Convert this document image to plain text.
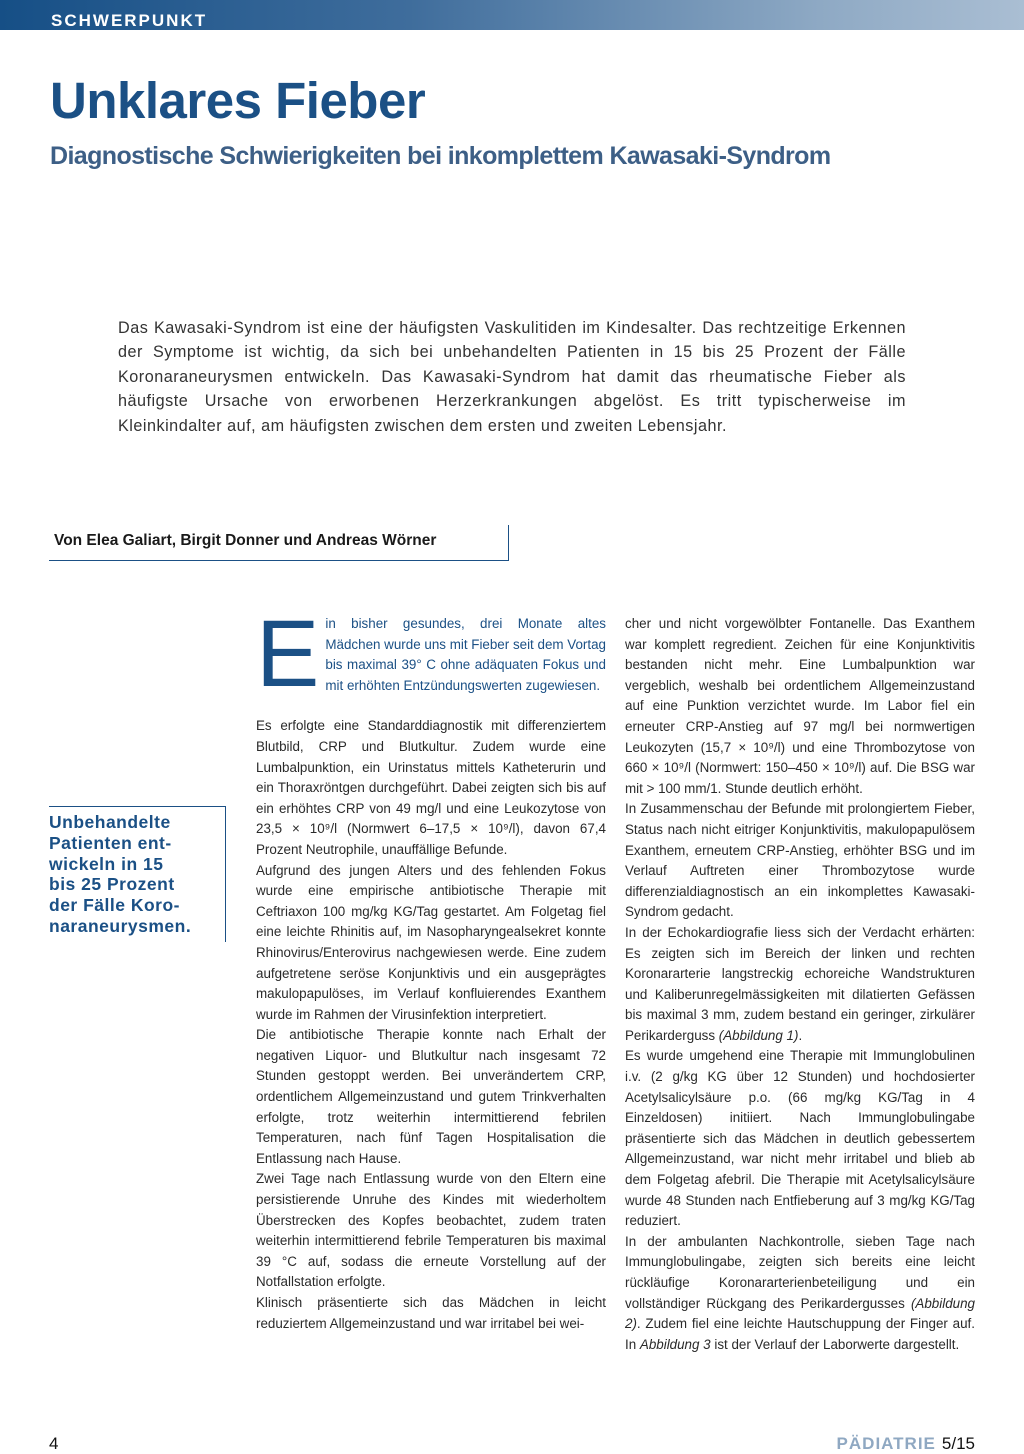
SCHWERPUNKT
Unklares Fieber
Diagnostische Schwierigkeiten bei inkomplettem Kawasaki-Syndrom

Das Kawasaki-Syndrom ist eine der häufigsten Vaskulitiden im Kindesalter. Das rechtzeitige Erkennen der Symptome ist wichtig, da sich bei unbehandelten Patienten in 15 bis 25 Prozent der Fälle Koronaraneurysmen entwickeln. Das Kawasaki-Syndrom hat damit das rheumatische Fieber als häufigste Ursache von erworbenen Herzerkrankungen abgelöst. Es tritt typischerweise im Kleinkindalter auf, am häufigsten zwischen dem ersten und zweiten Lebensjahr.

Von Elea Galiart, Birgit Donner und Andreas Wörner

Unbehandelte
Patienten ent-
wickeln in 15
bis 25 Prozent
der Fälle Koro-
naraneurysmen.

Ein bisher gesundes, drei Monate altes Mädchen wurde uns mit Fieber seit dem Vortag bis maximal 39° C ohne adäquaten Fokus und mit erhöhten Entzündungswerten zugewiesen.

Es erfolgte eine Standarddiagnostik mit differenziertem Blutbild, CRP und Blutkultur. Zudem wurde eine Lumbalpunktion, ein Urinstatus mittels Katheterurin und ein Thoraxröntgen durchgeführt. Dabei zeigten sich bis auf ein erhöhtes CRP von 49 mg/l und eine Leukozytose von 23,5 × 10⁹/l (Normwert 6–17,5 × 10⁹/l), davon 67,4 Prozent Neutrophile, unauffällige Befunde.

Aufgrund des jungen Alters und des fehlenden Fokus wurde eine empirische antibiotische Therapie mit Ceftriaxon 100 mg/kg KG/Tag gestartet. Am Folgetag fiel eine leichte Rhinitis auf, im Nasopharyngealsekret konnte Rhinovirus/Enterovirus nachgewiesen werde. Eine zudem aufgetretene seröse Konjunktivis und ein ausgeprägtes makulopapulöses, im Verlauf konfluierendes Exanthem wurde im Rahmen der Virusinfektion interpretiert.

Die antibiotische Therapie konnte nach Erhalt der negativen Liquor- und Blutkultur nach insgesamt 72 Stunden gestoppt werden. Bei unverändertem CRP, ordentlichem Allgemeinzustand und gutem Trinkverhalten erfolgte, trotz weiterhin intermittierend febrilen Temperaturen, nach fünf Tagen Hospitalisation die Entlassung nach Hause.

Zwei Tage nach Entlassung wurde von den Eltern eine persistierende Unruhe des Kindes mit wiederholtem Überstrecken des Kopfes beobachtet, zudem traten weiterhin intermittierend febrile Temperaturen bis maximal 39 °C auf, sodass die erneute Vorstellung auf der Notfallstation erfolgte.

Klinisch präsentierte sich das Mädchen in leicht reduziertem Allgemeinzustand und war irritabel bei wei-

cher und nicht vorgewölbter Fontanelle. Das Exanthem war komplett regredient. Zeichen für eine Konjunktivitis bestanden nicht mehr. Eine Lumbalpunktion war vergeblich, weshalb bei ordentlichem Allgemeinzustand auf eine Punktion verzichtet wurde. Im Labor fiel ein erneuter CRP-Anstieg auf 97 mg/l bei normwertigen Leukozyten (15,7 × 10⁹/l) und eine Thrombozytose von 660 × 10⁹/l (Normwert: 150–450 × 10⁹/l) auf. Die BSG war mit > 100 mm/1. Stunde deutlich erhöht.

In Zusammenschau der Befunde mit prolongiertem Fieber, Status nach nicht eitriger Konjunktivitis, makulopapulösem Exanthem, erneutem CRP-Anstieg, erhöhter BSG und im Verlauf Auftreten einer Thrombozytose wurde differenzialdiagnostisch an ein inkomplettes Kawasaki-Syndrom gedacht.

In der Echokardiografie liess sich der Verdacht erhärten: Es zeigten sich im Bereich der linken und rechten Koronararterie langstreckig echoreiche Wandstrukturen und Kaliberunregelmässigkeiten mit dilatierten Gefässen bis maximal 3 mm, zudem bestand ein geringer, zirkulärer Perikarderguss (Abbildung 1).

Es wurde umgehend eine Therapie mit Immunglobulinen i.v. (2 g/kg KG über 12 Stunden) und hochdosierter Acetylsalicylsäure p.o. (66 mg/kg KG/Tag in 4 Einzeldosen) initiiert. Nach Immunglobulingabe präsentierte sich das Mädchen in deutlich gebessertem Allgemeinzustand, war nicht mehr irritabel und blieb ab dem Folgetag afebril. Die Therapie mit Acetylsalicylsäure wurde 48 Stunden nach Entfieberung auf 3 mg/kg KG/Tag reduziert.

In der ambulanten Nachkontrolle, sieben Tage nach Immunglobulingabe, zeigten sich bereits eine leicht rückläufige Koronararterienbeteiligung und ein vollständiger Rückgang des Perikardergusses (Abbildung 2). Zudem fiel eine leichte Hautschuppung der Finger auf. In Abbildung 3 ist der Verlauf der Laborwerte dargestellt.

4	PÄDIATRIE 5/15
